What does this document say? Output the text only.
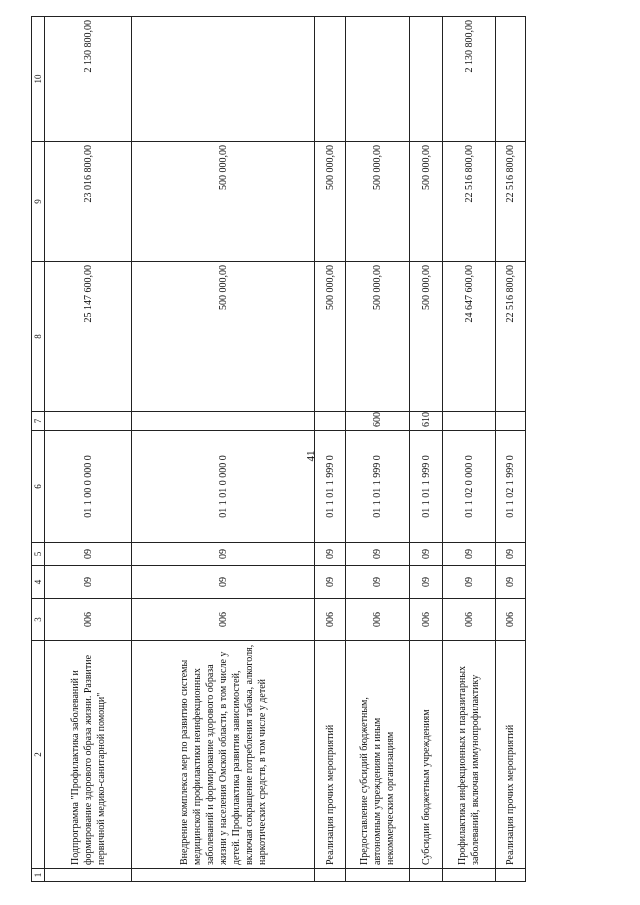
41
1	2	3	4	5	6	7	8	9	10
	Подпрограмма "Профилактика заболеваний и формирование здорового образа жизни. Развитие первичной медико-санитарной помощи"	006	09	09	01 1 00 0 000 0		25 147 600,00	23 016 800,00	2 130 800,00
	Внедрение комплекса мер по развитию системы медицинской профилактики неинфекционных заболеваний и формирование здорового образа жизни у населения Омской области, в том числе у детей. Профилактика развития зависимостей, включая сокращение потребления табака, алкоголя, наркотических средств, в том числе у детей	006	09	09	01 1 01 0 000 0		500 000,00	500 000,00	
	Реализация прочих мероприятий	006	09	09	01 1 01 1 999 0		500 000,00	500 000,00	
	Предоставление субсидий бюджетным, автономным учреждениям и иным некоммерческим организациям	006	09	09	01 1 01 1 999 0	600	500 000,00	500 000,00	
	Субсидии бюджетным учреждениям	006	09	09	01 1 01 1 999 0	610	500 000,00	500 000,00	
	Профилактика инфекционных и паразитарных заболеваний, включая иммунопрофилактику	006	09	09	01 1 02 0 000 0		24 647 600,00	22 516 800,00	2 130 800,00
	Реализация прочих мероприятий	006	09	09	01 1 02 1 999 0		22 516 800,00	22 516 800,00	
